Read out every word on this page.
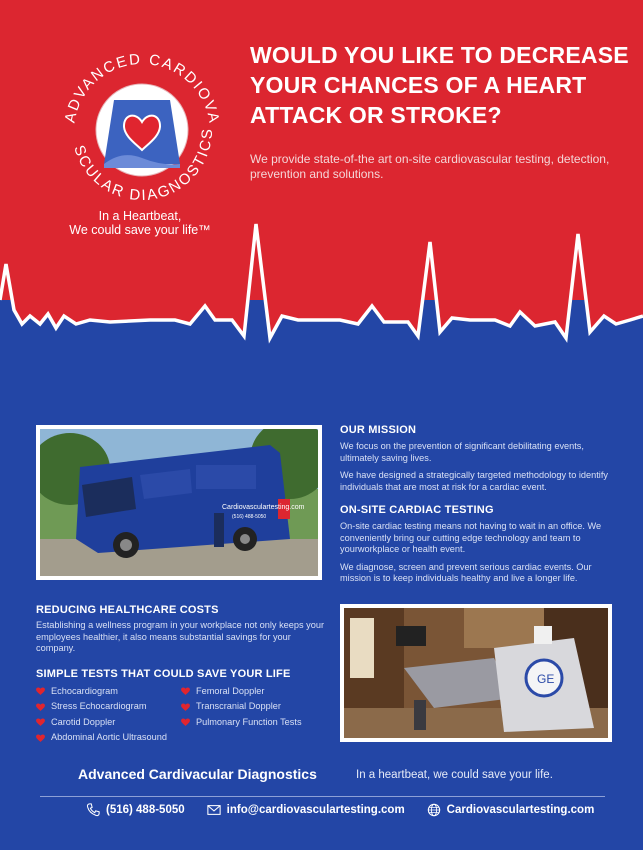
ADVANCED CARDIOVA
SCULAR DIAGNOSTICS
In a Heartbeat,
We could save your life™
WOULD YOU LIKE TO DECREASE
YOUR CHANCES OF A HEART
ATTACK OR STROKE?

We provide state-of-the art on-site cardiovascular testing, detection, prevention and solutions.

Cardiovasculartesting.com
(516) 488-5050
OUR MISSION
We focus on the prevention of significant debilitating events, ultimately saving lives.
We have designed a strategically targeted methodology to identify individuals that are most at risk for a cardiac event.
ON-SITE CARDIAC TESTING
On-site cardiac testing means not having to wait in an office. We conveniently bring our cutting edge technology and team to yourworkplace or health event.
We diagnose, screen and prevent serious cardiac events. Our mission is to keep individuals healthy and live a longer life.
REDUCING HEALTHCARE COSTS
Establishing a wellness program in your workplace not only keeps your employees healthier, it also means substantial savings for your company.
SIMPLE TESTS THAT COULD SAVE YOUR LIFE
Echocardiogram
Stress Echocardiogram
Carotid Doppler
Abdominal Aortic Ultrasound
Femoral Doppler
Transcranial Doppler
Pulmonary Function Tests
GE
Advanced Cardivacular Diagnostics	In a heartbeat, we could save your life.
(516) 488-5050	info@cardiovasculartesting.com	Cardiovasculartesting.com
